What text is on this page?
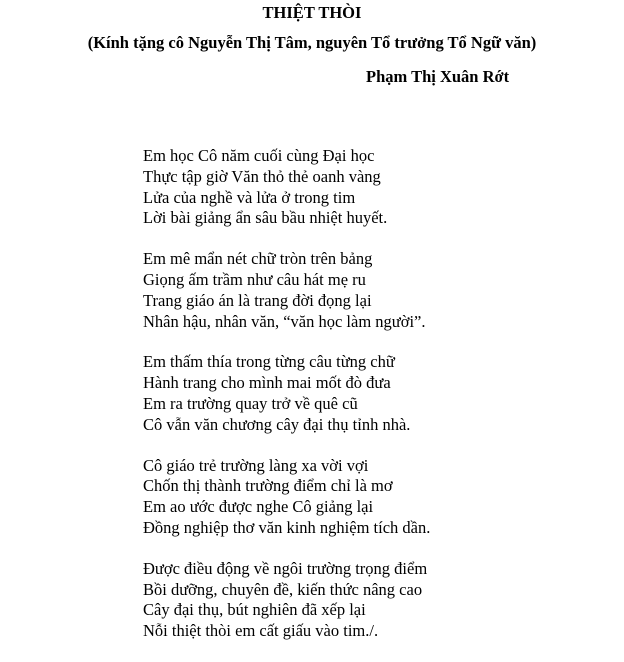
THIỆT THÒI
(Kính tặng cô Nguyễn Thị Tâm, nguyên Tổ trưởng Tổ Ngữ văn)
Phạm Thị Xuân Rớt
Em học Cô năm cuối cùng Đại học
Thực tập giờ Văn thỏ thẻ oanh vàng
Lửa của nghề và lửa ở trong tim
Lời bài giảng ẩn sâu bầu nhiệt huyết.
Em mê mẩn nét chữ tròn trên bảng
Giọng ấm trầm như câu hát mẹ ru
Trang giáo án là trang đời đọng lại
Nhân hậu, nhân văn, “văn học làm người”.
Em thấm thía trong từng câu từng chữ
Hành trang cho mình mai mốt đò đưa
Em ra trường quay trở về quê cũ
Cô vẫn văn chương cây đại thụ tỉnh nhà.
Cô giáo trẻ trường làng xa vời vợi
Chốn thị thành trường điểm chỉ là mơ
Em ao ước được nghe Cô giảng lại
Đồng nghiệp thơ văn kinh nghiệm tích dần.
Được điều động về ngôi trường trọng điểm
Bồi dưỡng, chuyên đề, kiến thức nâng cao
Cây đại thụ, bút nghiên đã xếp lại
Nỗi thiệt thòi em cất giấu vào tim./.
